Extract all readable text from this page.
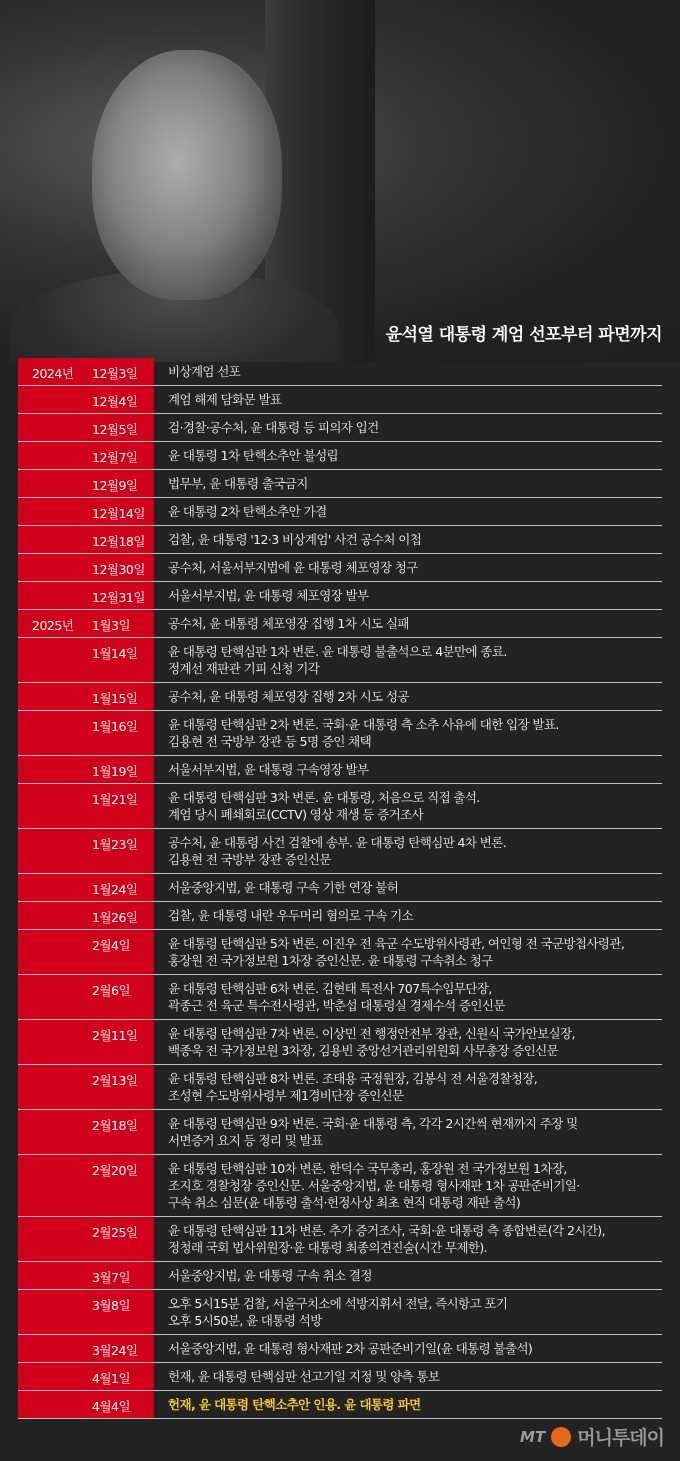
윤석열 대통령 계엄 선포부터 파면까지
2024년 12월3일 비상계엄 선포
12월4일 계엄 해제 담화문 발표
12월5일 검·경찰·공수처, 윤 대통령 등 피의자 입건
12월7일 윤 대통령 1차 탄핵소추안 불성립
12월9일 법무부, 윤 대통령 출국금지
12월14일 윤 대통령 2차 탄핵소추안 가결
12월18일 검찰, 윤 대통령 '12·3 비상계엄' 사건 공수처 이첩
12월30일 공수처, 서울서부지법에 윤 대통령 체포영장 청구
12월31일 서울서부지법, 윤 대통령 체포영장 발부
2025년 1월3일	공수처, 윤 대통령 체포영장 집행 1차 시도 실패
1월14일 윤 대통령 탄핵심판 1차 변론. 윤 대통령 불출석으로 4분만에 종료.
정계선 재판관 기피 신청 기각
1월15일 공수처, 윤 대통령 체포영장 집행 2차 시도 성공
1월16일 윤 대통령 탄핵심판 2차 변론. 국회·윤 대통령 측 소추 사유에 대한 입장 발표.
김용현 전 국방부 장관 등 5명 증인 채택
1월19일 서울서부지법, 윤 대통령 구속영장 발부
1월21일 윤 대통령 탄핵심판 3차 변론. 윤 대통령, 처음으로 직접 출석.
계엄 당시 폐쇄회로(CCTV) 영상 재생 등 증거조사
1월23일 공수처, 윤 대통령 사건 검찰에 송부. 윤 대통령 탄핵심판 4차 변론.
김용현 전 국방부 장관 증인신문
1월24일 서울중앙지법, 윤 대통령 구속 기한 연장 불허
1월26일 검찰, 윤 대통령 내란 우두머리 혐의로 구속 기소
2월4일	윤 대통령 탄핵심판 5차 변론. 이진우 전 육군 수도방위사령관, 여인형 전 국군방첩사령관,
홍장원 전 국가정보원 1차장 증인신문. 윤 대통령 구속취소 청구
2월6일	윤 대통령 탄핵심판 6차 변론. 김현태 특전사 707특수임무단장,
곽종근 전 육군 특수전사령관, 박춘섭 대통령실 경제수석 증인신문
2월11일 윤 대통령 탄핵심판 7차 변론. 이상민 전 행정안전부 장관, 신원식 국가안보실장,
백종욱 전 국가정보원 3차장, 김용빈 중앙선거관리위원회 사무총장 증인신문
2월13일 윤 대통령 탄핵심판 8차 변론. 조태용 국정원장, 김봉식 전 서울경찰청장,
조성현 수도방위사령부 제1경비단장 증인신문
2월18일 윤 대통령 탄핵심판 9차 변론. 국회·윤 대통령 측, 각각 2시간씩 현재까지 주장 및
서면증거 요지 등 정리 및 발표
2월20일 윤 대통령 탄핵심판 10차 변론. 한덕수 국무총리, 홍장원 전 국가정보원 1차장,
조지호 경찰청장 증인신문. 서울중앙지법, 윤 대통령 형사재판 1차 공판준비기일·
구속 취소 심문(윤 대통령 출석·헌정사상 최초 현직 대통령 재판 출석)
2월25일 윤 대통령 탄핵심판 11차 변론. 추가 증거조사, 국회·윤 대통령 측 종합변론(각 2시간),
정청래 국회 법사위원장·윤 대통령 최종의견진술(시간 무제한).
3월7일	서울중앙지법, 윤 대통령 구속 취소 결정
3월8일	오후 5시15분 검찰, 서울구치소에 석방지휘서 전달, 즉시항고 포기
오후 5시50분, 윤 대통령 석방
3월24일 서울중앙지법, 윤 대통령 형사재판 2차 공판준비기일(윤 대통령 불출석)
4월1일	헌재, 윤 대통령 탄핵심판 선고기일 지정 및 양측 통보
4월4일	헌재, 윤 대통령 탄핵소추안 인용. 윤 대통령 파면
MT 머니투데이
